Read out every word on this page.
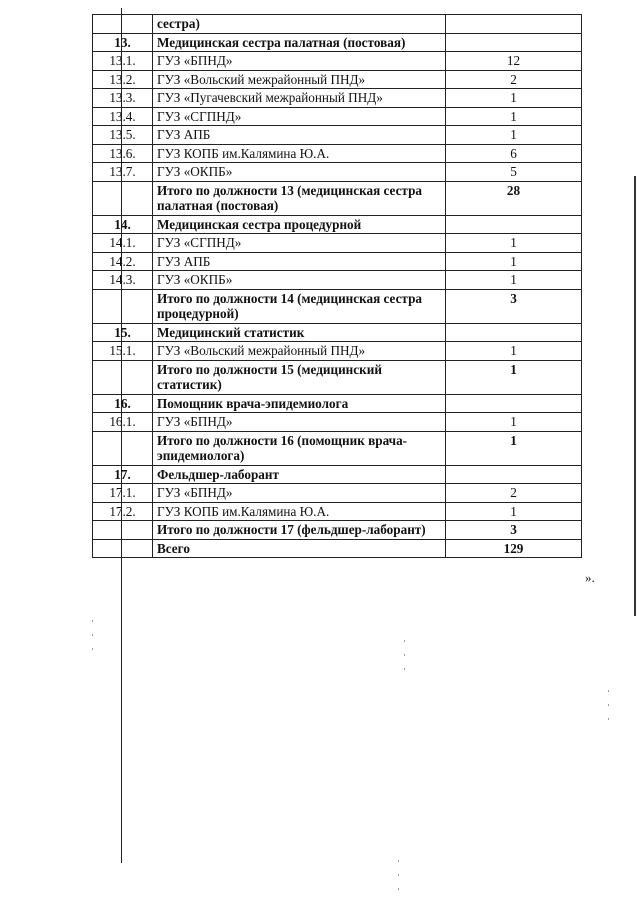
	сестра)	
13.	Медицинская сестра палатная (постовая)	
13.1.	ГУЗ «БПНД»	12
13.2.	ГУЗ «Вольский межрайонный ПНД»	2
13.3.	ГУЗ «Пугачевский межрайонный ПНД»	1
13.4.	ГУЗ «СГПНД»	1
13.5.	ГУЗ АПБ	1
13.6.	ГУЗ КОПБ им.Калямина Ю.А.	6
13.7.	ГУЗ «ОКПБ»	5
	Итого по должности 13 (медицинская сестра палатная (постовая)	28
14.	Медицинская сестра процедурной	
14.1.	ГУЗ «СГПНД»	1
14.2.	ГУЗ АПБ	1
14.3.	ГУЗ «ОКПБ»	1
	Итого по должности 14 (медицинская сестра процедурной)	3
15.	Медицинский статистик	
15.1.	ГУЗ «Вольский межрайонный ПНД»	1
	Итого по должности 15 (медицинский статистик)	1
16.	Помощник врача-эпидемиолога	
16.1.	ГУЗ «БПНД»	1
	Итого по должности 16 (помощник врача-эпидемиолога)	1
17.	Фельдшер-лаборант	
17.1.	ГУЗ «БПНД»	2
17.2.	ГУЗ КОПБ им.Калямина Ю.А.	1
	Итого по должности 17 (фельдшер-лаборант)	3
	Всего	129
».
